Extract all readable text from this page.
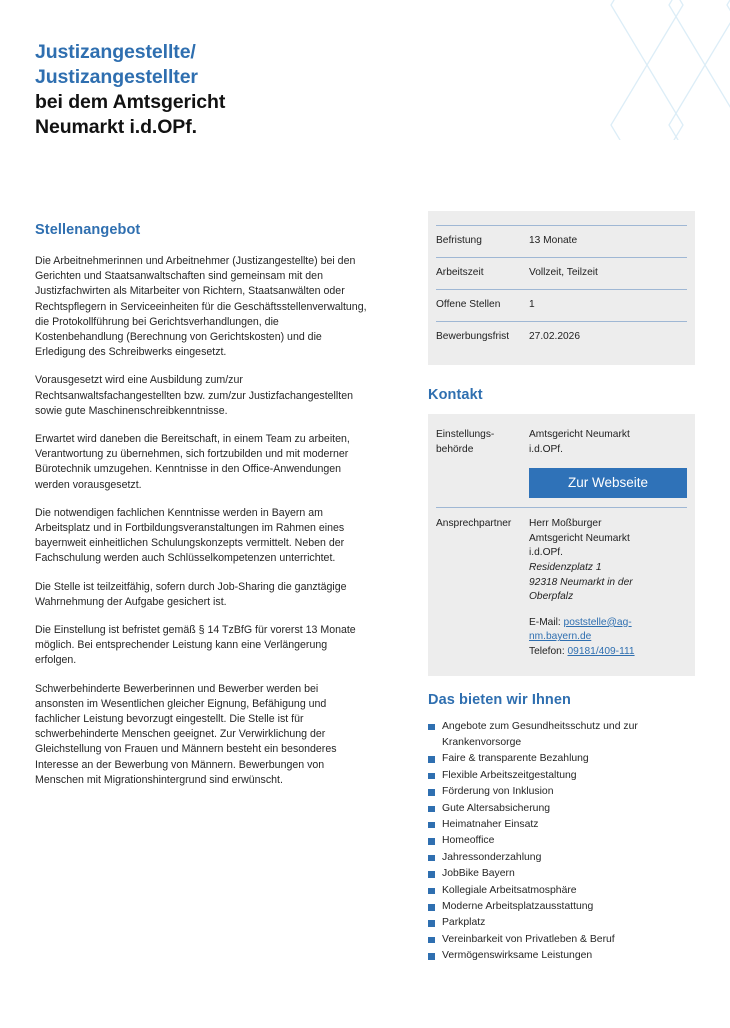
Justizangestellte/
Justizangestellter
bei dem Amtsgericht
Neumarkt i.d.OPf.
Stellenangebot

Die Arbeitnehmerinnen und Arbeitnehmer (Justizangestellte) bei den Gerichten und Staatsanwaltschaften sind gemeinsam mit den Justizfachwirten als Mitarbeiter von Richtern, Staatsanwälten oder Rechtspflegern in Serviceeinheiten für die Geschäftsstellenverwaltung, die Protokollführung bei Gerichtsverhandlungen, die Kostenbehandlung (Berechnung von Gerichtskosten) und die Erledigung des Schreibwerks eingesetzt.

Vorausgesetzt wird eine Ausbildung zum/zur Rechtsanwaltsfachangestellten bzw. zum/zur Justizfachangestellten sowie gute Maschinenschreibkenntnisse.

Erwartet wird daneben die Bereitschaft, in einem Team zu arbeiten, Verantwortung zu übernehmen, sich fortzubilden und mit moderner Bürotechnik umzugehen. Kenntnisse in den Office-Anwendungen werden vorausgesetzt.

Die notwendigen fachlichen Kenntnisse werden in Bayern am Arbeitsplatz und in Fortbildungsveranstaltungen im Rahmen eines bayernweit einheitlichen Schulungskonzepts vermittelt. Neben der Fachschulung werden auch Schlüsselkompetenzen unterrichtet.

Die Stelle ist teilzeitfähig, sofern durch Job-Sharing die ganztägige Wahrnehmung der Aufgabe gesichert ist.

Die Einstellung ist befristet gemäß § 14 TzBfG für vorerst 13 Monate möglich. Bei entsprechender Leistung kann eine Verlängerung erfolgen.

Schwerbehinderte Bewerberinnen und Bewerber werden bei ansonsten im Wesentlichen gleicher Eignung, Befähigung und fachlicher Leistung bevorzugt eingestellt. Die Stelle ist für schwerbehinderte Menschen geeignet. Zur Verwirklichung der Gleichstellung von Frauen und Männern besteht ein besonderes Interesse an der Bewerbung von Männern. Bewerbungen von Menschen mit Migrationshintergrund sind erwünscht.

Befristung	13 Monate
Arbeitszeit	Vollzeit, Teilzeit
Offene Stellen	1
Bewerbungsfrist	27.02.2026
Kontakt
Einstellungs-
behörde
Amtsgericht Neumarkt
i.d.OPf.
Zur Webseite
Ansprechpartner	Herr Moßburger
Amtsgericht Neumarkt
i.d.OPf.
Residenzplatz 1
92318 Neumarkt in der
Oberpfalz
E-Mail: poststelle@ag-nm.bayern.de
Telefon: 09181/409-111
Das bieten wir Ihnen
Angebote zum Gesundheitsschutz und zur Krankenvorsorge
Faire & transparente Bezahlung
Flexible Arbeitszeitgestaltung
Förderung von Inklusion
Gute Altersabsicherung
Heimatnaher Einsatz
Homeoffice
Jahressonderzahlung
JobBike Bayern
Kollegiale Arbeitsatmosphäre
Moderne Arbeitsplatzausstattung
Parkplatz
Vereinbarkeit von Privatleben & Beruf
Vermögenswirksame Leistungen
